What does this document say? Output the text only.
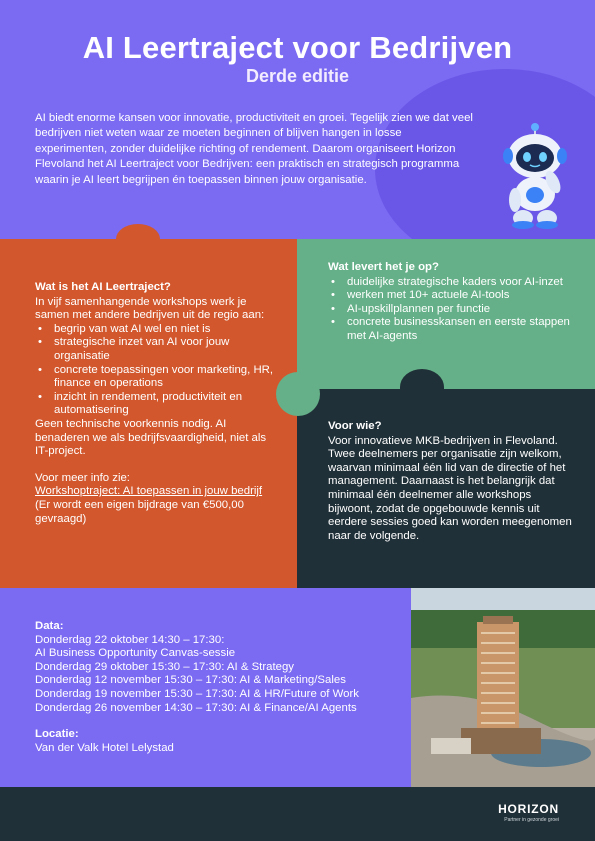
AI Leertraject voor Bedrijven
Derde editie

AI biedt enorme kansen voor innovatie, productiviteit en groei. Tegelijk zien we dat veel bedrijven niet weten waar ze moeten beginnen of blijven hangen in losse experimenten, zonder duidelijke richting of rendement. Daarom organiseert Horizon Flevoland het AI Leertraject voor Bedrijven: een praktisch en strategisch programma waarin je AI leert begrijpen én toepassen binnen jouw organisatie.

Wat is het AI Leertraject?

In vijf samenhangende workshops werk je samen met andere bedrijven uit de regio aan:

• begrip van wat AI wel en niet is
• strategische inzet van AI voor jouw organisatie
• concrete toepassingen voor marketing, HR, finance en operations
• inzicht in rendement, productiviteit en automatisering

Geen technische voorkennis nodig. AI benaderen we als bedrijfsvaardigheid, niet als IT-project.

Voor meer info zie:

Workshoptraject: AI toepassen in jouw bedrijf (Er wordt een eigen bijdrage van €500,00 gevraagd)

Wat levert het je op?
• duidelijke strategische kaders voor AI-inzet
• werken met 10+ actuele AI-tools
• AI-upskillplannen per functie
• concrete businesskansen en eerste stappen met AI-agents
Voor wie?

Voor innovatieve MKB-bedrijven in Flevoland. Twee deelnemers per organisatie zijn welkom, waarvan minimaal één lid van de directie of het management. Daarnaast is het belangrijk dat minimaal één deelnemer alle workshops bijwoont, zodat de opgebouwde kennis uit eerdere sessies goed kan worden meegenomen naar de volgende.

Data:

Donderdag 22 oktober 14:30 – 17:30:

AI Business Opportunity Canvas-sessie

Donderdag 29 oktober 15:30 – 17:30: AI & Strategy

Donderdag 12 november 15:30 – 17:30: AI & Marketing/Sales

Donderdag 19 november 15:30 – 17:30: AI & HR/Future of Work

Donderdag 26 november 14:30 – 17:30: AI & Finance/AI Agents

Locatie:

Van der Valk Hotel Lelystad

HORIZON
Partner in gezonde groei
